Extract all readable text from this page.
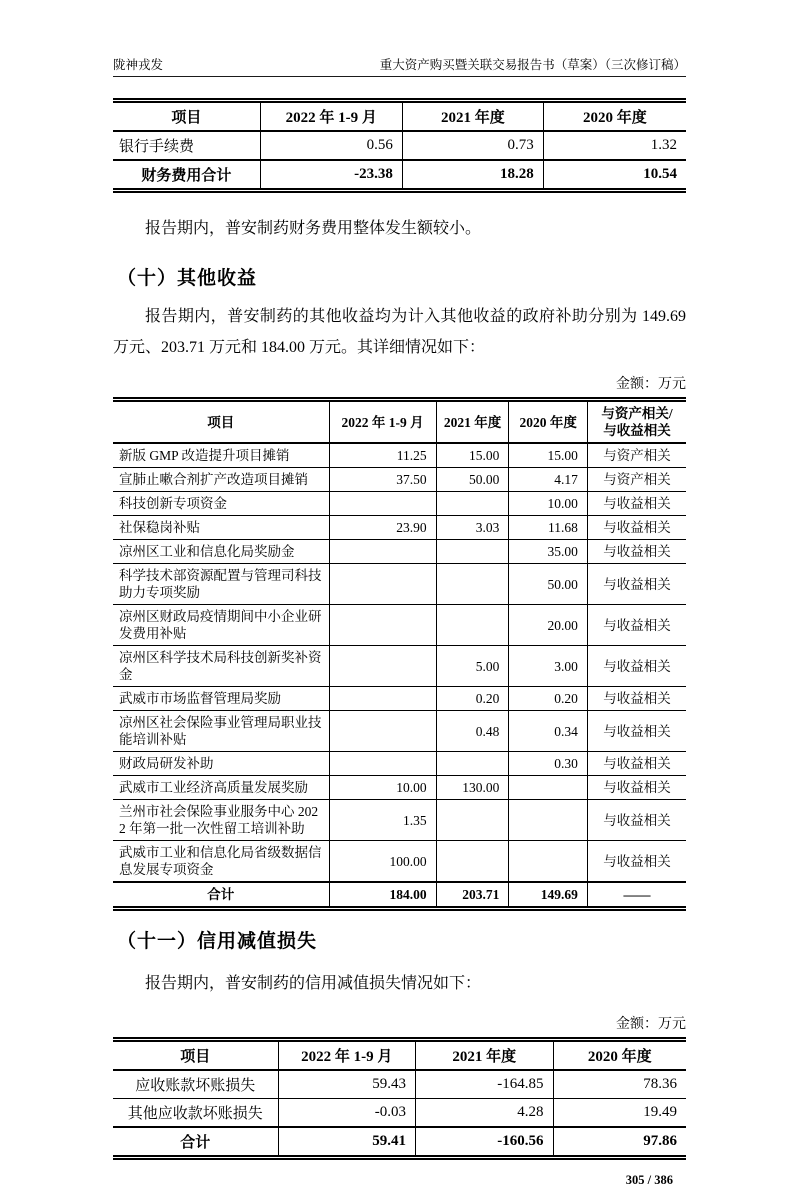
陇神戎发	重大资产购买暨关联交易报告书（草案）（三次修订稿）
项目	2022 年 1-9 月	2021 年度	2020 年度
银行手续费	0.56	0.73	1.32
财务费用合计	-23.38	18.28	10.54

报告期内，普安制药财务费用整体发生额较小。

（十）其他收益

报告期内，普安制药的其他收益均为计入其他收益的政府补助分别为 149.69 万元、203.71 万元和 184.00 万元。其详细情况如下：

金额：万元
项目	2022 年 1-9 月	2021 年度	2020 年度	与资产相关/
与收益相关
新版 GMP 改造提升项目摊销	11.25	15.00	15.00	与资产相关
宣肺止嗽合剂扩产改造项目摊销	37.50	50.00	4.17	与资产相关
科技创新专项资金			10.00	与收益相关
社保稳岗补贴	23.90	3.03	11.68	与收益相关
凉州区工业和信息化局奖励金			35.00	与收益相关
科学技术部资源配置与管理司科技助力专项奖励			50.00	与收益相关
凉州区财政局疫情期间中小企业研发费用补贴			20.00	与收益相关
凉州区科学技术局科技创新奖补资金		5.00	3.00	与收益相关
武威市市场监督管理局奖励		0.20	0.20	与收益相关
凉州区社会保险事业管理局职业技能培训补贴		0.48	0.34	与收益相关
财政局研发补助			0.30	与收益相关
武威市工业经济高质量发展奖励	10.00	130.00		与收益相关
兰州市社会保险事业服务中心 2022 年第一批一次性留工培训补助	1.35			与收益相关
武威市工业和信息化局省级数据信息发展专项资金	100.00			与收益相关
合计	184.00	203.71	149.69	——
（十一）信用减值损失

报告期内，普安制药的信用减值损失情况如下：

金额：万元
项目	2022 年 1-9 月	2021 年度	2020 年度
应收账款坏账损失	59.43	-164.85	78.36
其他应收款坏账损失	-0.03	4.28	19.49
合计	59.41	-160.56	97.86
305 / 386
